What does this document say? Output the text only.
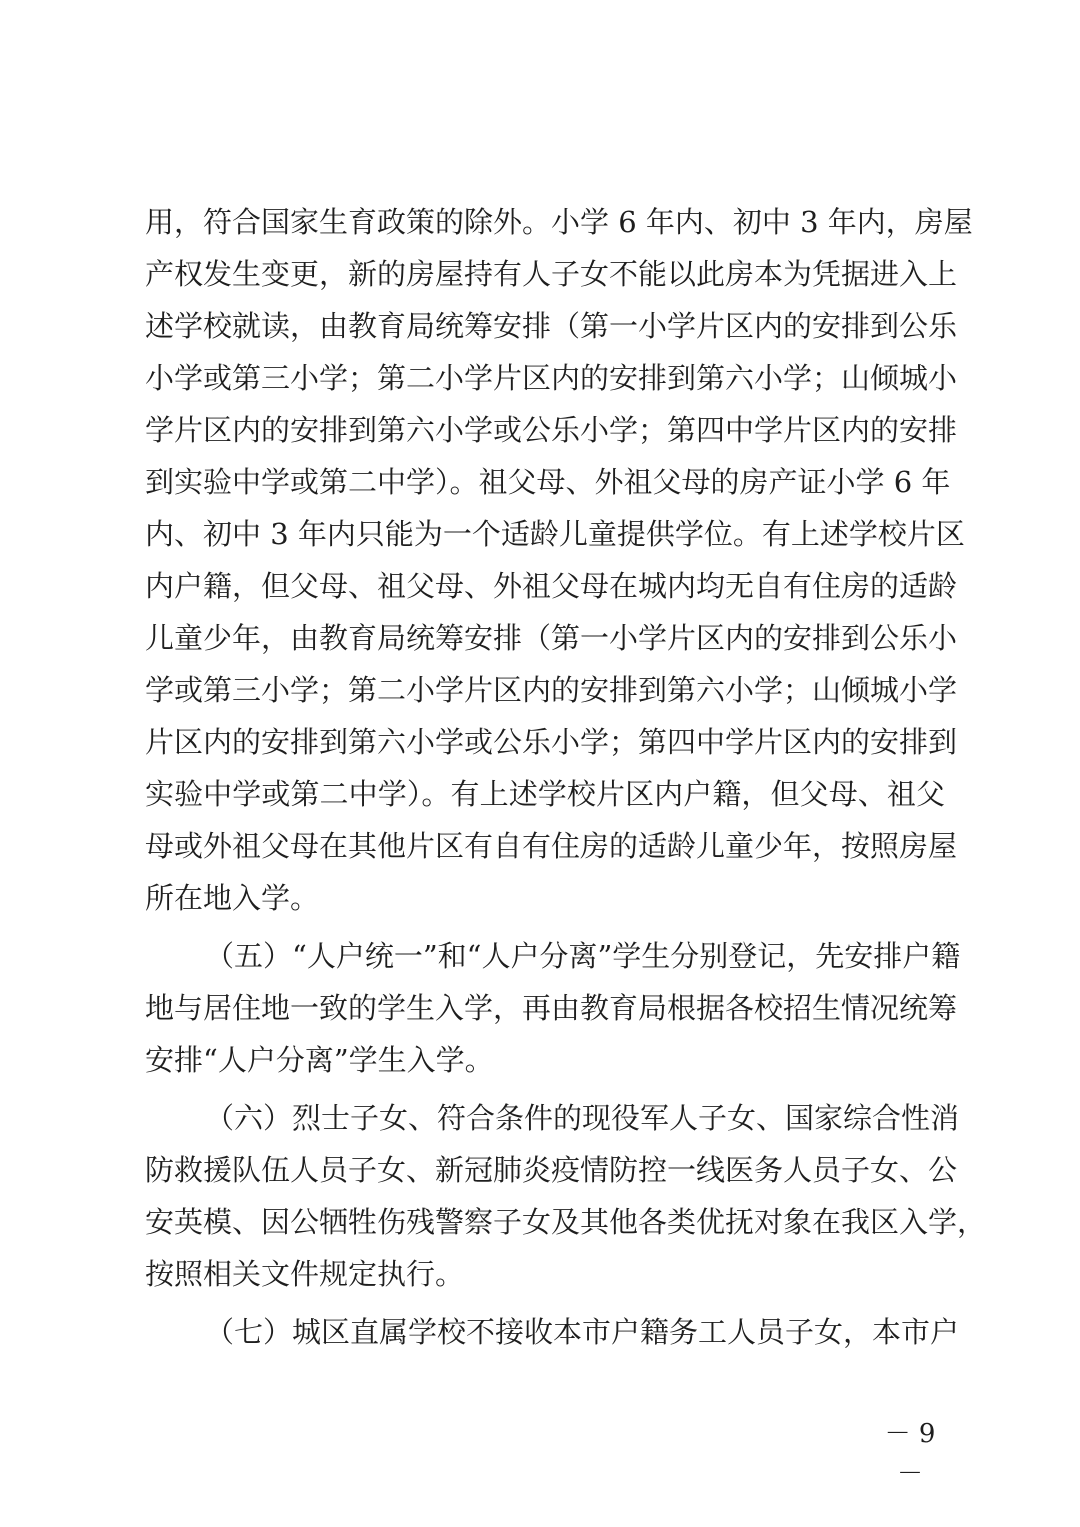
用，符合国家生育政策的除外。小学 6 年内、初中 3 年内，房屋
产权发生变更，新的房屋持有人子女不能以此房本为凭据进入上
述学校就读，由教育局统筹安排（第一小学片区内的安排到公乐
小学或第三小学；第二小学片区内的安排到第六小学；山倾城小
学片区内的安排到第六小学或公乐小学；第四中学片区内的安排
到实验中学或第二中学）。祖父母、外祖父母的房产证小学 6 年
内、初中 3 年内只能为一个适龄儿童提供学位。有上述学校片区
内户籍，但父母、祖父母、外祖父母在城内均无自有住房的适龄
儿童少年，由教育局统筹安排（第一小学片区内的安排到公乐小
学或第三小学；第二小学片区内的安排到第六小学；山倾城小学
片区内的安排到第六小学或公乐小学；第四中学片区内的安排到
实验中学或第二中学）。有上述学校片区内户籍，但父母、祖父
母或外祖父母在其他片区有自有住房的适龄儿童少年，按照房屋
所在地入学。
（五）“人户统一”和“人户分离”学生分别登记，先安排户籍
地与居住地一致的学生入学，再由教育局根据各校招生情况统筹
安排“人户分离”学生入学。
（六）烈士子女、符合条件的现役军人子女、国家综合性消
防救援队伍人员子女、新冠肺炎疫情防控一线医务人员子女、公
安英模、因公牺牲伤残警察子女及其他各类优抚对象在我区入学，
按照相关文件规定执行。
（七）城区直属学校不接收本市户籍务工人员子女，本市户
－ 9 －
